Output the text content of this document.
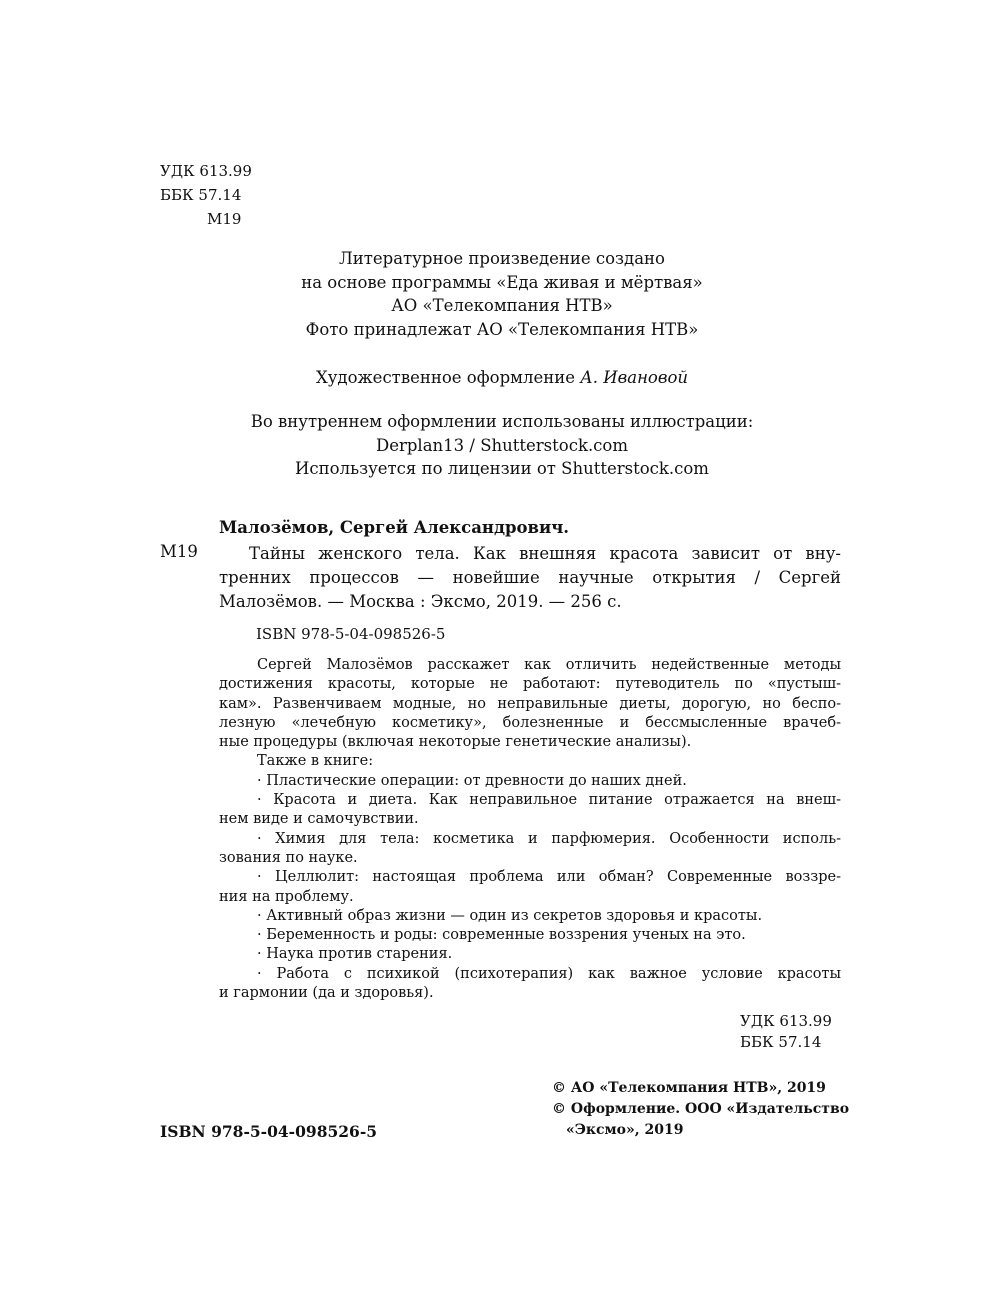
УДК 613.99
ББК 57.14
М19
Литературное произведение создано
на основе программы «Еда живая и мёртвая»
АО «Телекомпания НТВ»
Фото принадлежат АО «Телекомпания НТВ»
Художественное оформление А. Ивановой
Во внутреннем оформлении использованы иллюстрации:
Derplan13 / Shutterstock.com
Используется по лицензии от Shutterstock.com
Малозёмов, Сергей Александрович.
М19	Тайны женского тела. Как внешняя красота зависит от вну-
тренних процессов — новейшие научные открытия / Сергей
Малозёмов. — Москва : Эксмо, 2019. — 256 с.
ISBN 978-5-04-098526-5
Сергей Малозёмов расскажет как отличить недейственные методы
достижения красоты, которые не работают: путеводитель по «пустыш-
кам». Развенчиваем модные, но неправильные диеты, дорогую, но беспо-
лезную «лечебную косметику», болезненные и бессмысленные врачеб-
ные процедуры (включая некоторые генетические анализы).
Также в книге:
· Пластические операции: от древности до наших дней.
· Красота и диета. Как неправильное питание отражается на внеш-
нем виде и самочувствии.
· Химия для тела: косметика и парфюмерия. Особенности исполь-
зования по науке.
· Целлюлит: настоящая проблема или обман? Современные воззре-
ния на проблему.
· Активный образ жизни — один из секретов здоровья и красоты.
· Беременность и роды: современные воззрения ученых на это.
· Наука против старения.
· Работа с психикой (психотерапия) как важное условие красоты
и гармонии (да и здоровья).
УДК 613.99
ББК 57.14
ISBN 978-5-04-098526-5
© АО «Телекомпания НТВ», 2019
© Оформление. ООО «Издательство
«Эксмо», 2019
